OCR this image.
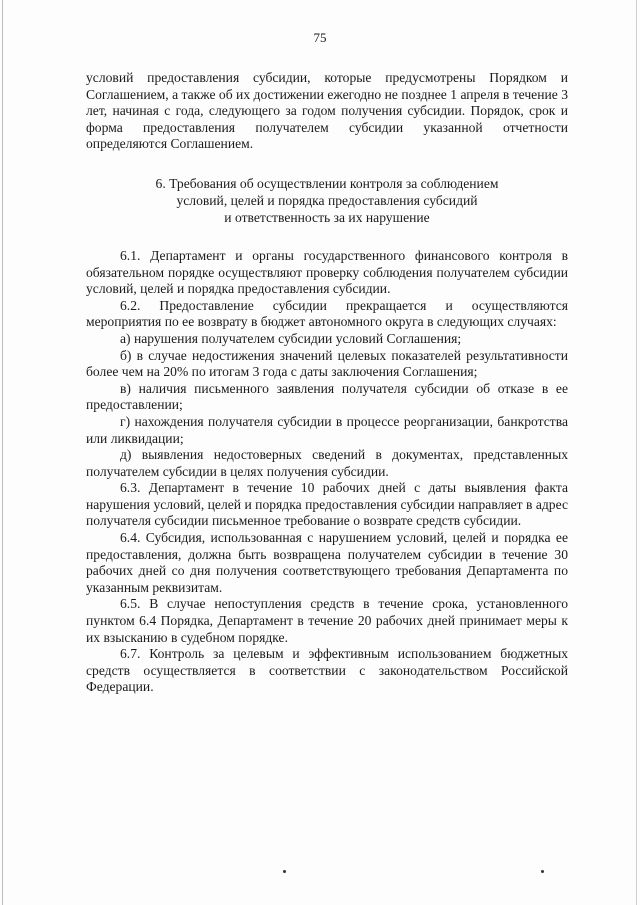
75

условий предоставления субсидии, которые предусмотрены Порядком и Соглашением, а также об их достижении ежегодно не позднее 1 апреля в течение 3 лет, начиная с года, следующего за годом получения субсидии. Порядок, срок и форма предоставления получателем субсидии указанной отчетности определяются Соглашением.

6. Требования об осуществлении контроля за соблюдением
условий, целей и порядка предоставления субсидий
и ответственность за их нарушение

6.1. Департамент и органы государственного финансового контроля в обязательном порядке осуществляют проверку соблюдения получателем субсидии условий, целей и порядка предоставления субсидии.

6.2. Предоставление субсидии прекращается и осуществляются мероприятия по ее возврату в бюджет автономного округа в следующих случаях:

а) нарушения получателем субсидии условий Соглашения;

б) в случае недостижения значений целевых показателей результативности более чем на 20% по итогам 3 года с даты заключения Соглашения;

в) наличия письменного заявления получателя субсидии об отказе в ее предоставлении;

г) нахождения получателя субсидии в процессе реорганизации, банкротства или ликвидации;

д) выявления недостоверных сведений в документах, представленных получателем субсидии в целях получения субсидии.

6.3. Департамент в течение 10 рабочих дней с даты выявления факта нарушения условий, целей и порядка предоставления субсидии направляет в адрес получателя субсидии письменное требование о возврате средств субсидии.

6.4. Субсидия, использованная с нарушением условий, целей и порядка ее предоставления, должна быть возвращена получателем субсидии в течение 30 рабочих дней со дня получения соответствующего требования Департамента по указанным реквизитам.

6.5. В случае непоступления средств в течение срока, установленного пунктом 6.4 Порядка, Департамент в течение 20 рабочих дней принимает меры к их взысканию в судебном порядке.

6.7. Контроль за целевым и эффективным использованием бюджетных средств осуществляется в соответствии с законодательством Российской Федерации.
